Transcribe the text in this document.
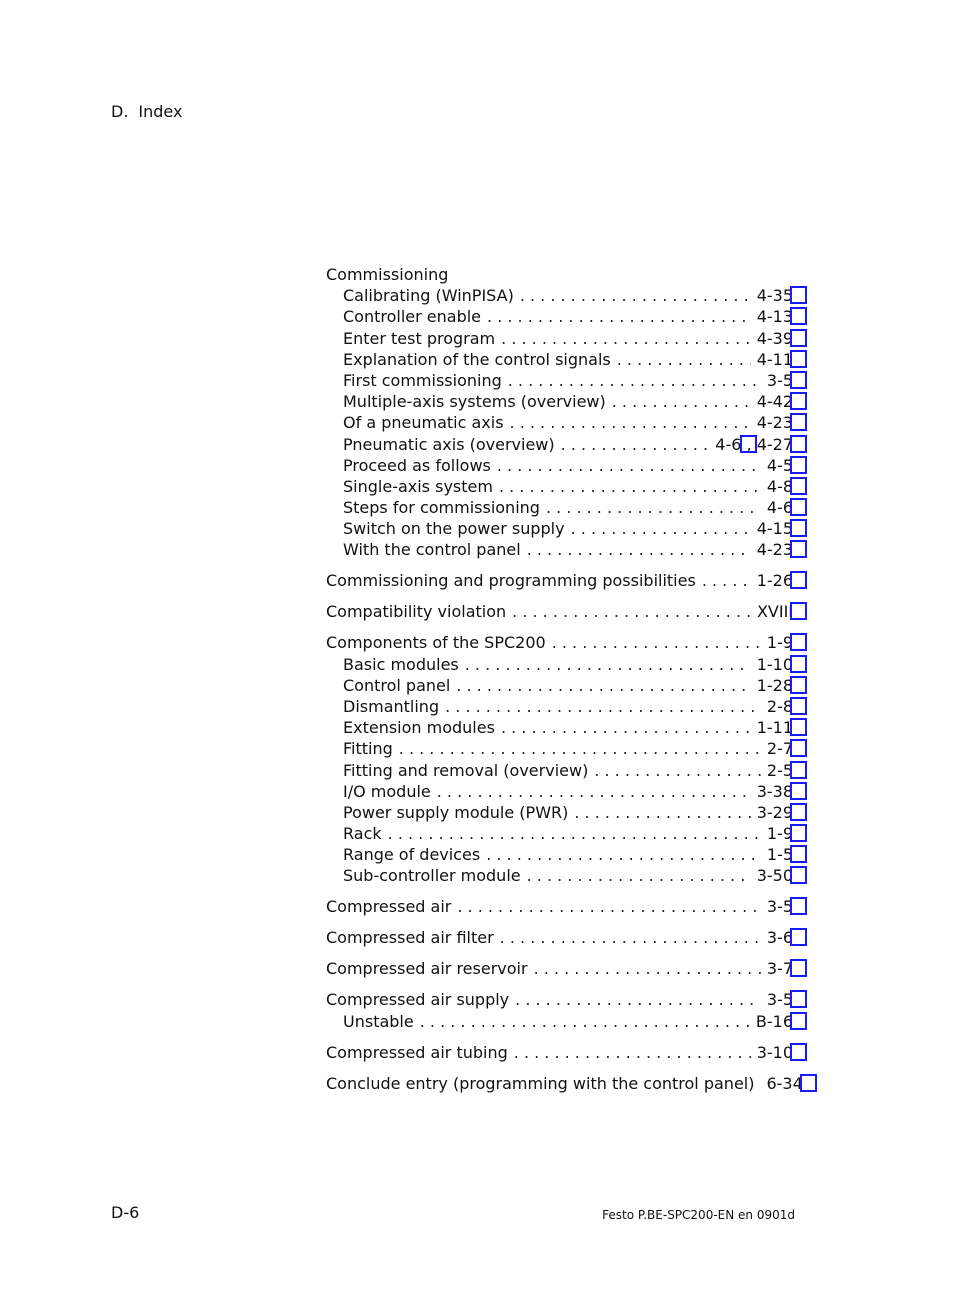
D. Index
Commissioning
Calibrating (WinPISA) . . .	4-35
Controller enable . . .	4-13
Enter test program . . .	4-39
Explanation of the control signals . . .	4-11
First commissioning . . .	3-5
Multiple-axis systems (overview) . . .	4-42
Of a pneumatic axis . . .	4-23
Pneumatic axis (overview) . . .	4-6 , 4-27
Proceed as follows . . .	4-5
Single-axis system . . .	4-8
Steps for commissioning . . .	4-6
Switch on the power supply . . .	4-15
With the control panel . . .	4-23
Commissioning and programming possibilities . . .	1-26
Compatibility violation . . .	XVIII
Components of the SPC200 . . .	1-9
Basic modules . . .	1-10
Control panel . . .	1-28
Dismantling . . .	2-8
Extension modules . . .	1-11
Fitting . . .	2-7
Fitting and removal (overview) . . .	2-5
I/O module . . .	3-38
Power supply module (PWR) . . .	3-29
Rack . . .	1-9
Range of devices . . .	1-5
Sub-controller module . . .	3-50
Compressed air . . .	3-5
Compressed air filter . . .	3-6
Compressed air reservoir . . .	3-7
Compressed air supply . . .	3-5
Unstable . . .	B-16
Compressed air tubing . . .	3-10
Conclude entry (programming with the control panel) 6-34
D-6	Festo P.BE-SPC200-EN en 0901d
